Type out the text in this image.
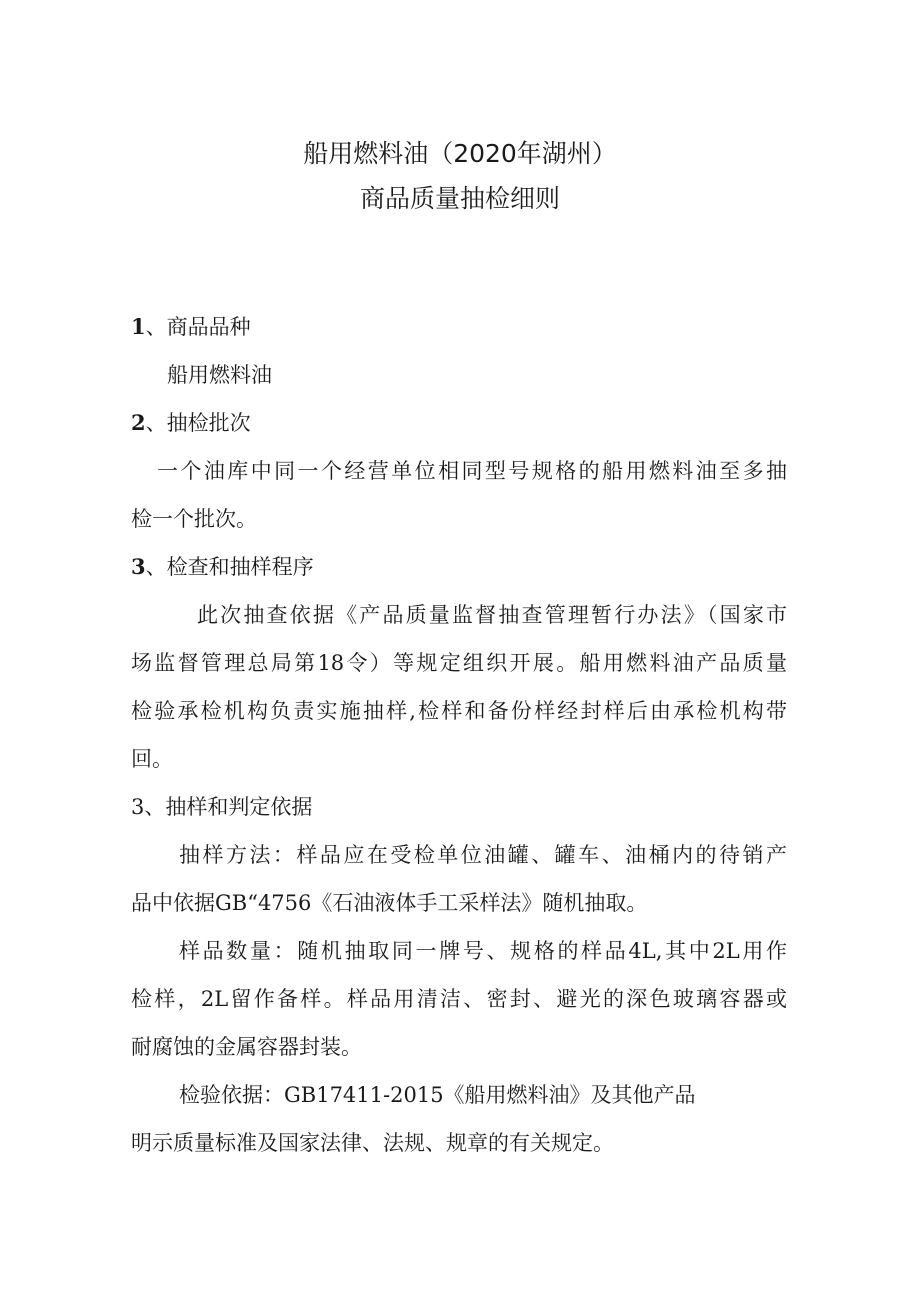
船用燃料油（2020年湖州）
商品质量抽检细则
1、商品品种
船用燃料油
2、抽检批次
一个油库中同一个经营单位相同型号规格的船用燃料油至多抽
检一个批次。
3、检查和抽样程序
此次抽查依据《产品质量监督抽查管理暂行办法》（国家市
场监督管理总局第18令）等规定组织开展。船用燃料油产品质量
检验承检机构负责实施抽样,检样和备份样经封样后由承检机构带
回。
3、抽样和判定依据
抽样方法：样品应在受检单位油罐、罐车、油桶内的待销产
品中依据GB“4756《石油液体手工采样法》随机抽取。
样品数量：随机抽取同一牌号、规格的样品4L,其中2L用作
检样，2L留作备样。样品用清洁、密封、避光的深色玻璃容器或
耐腐蚀的金属容器封装。
检验依据：GB17411-2015《船用燃料油》及其他产品
明示质量标准及国家法律、法规、规章的有关规定。
